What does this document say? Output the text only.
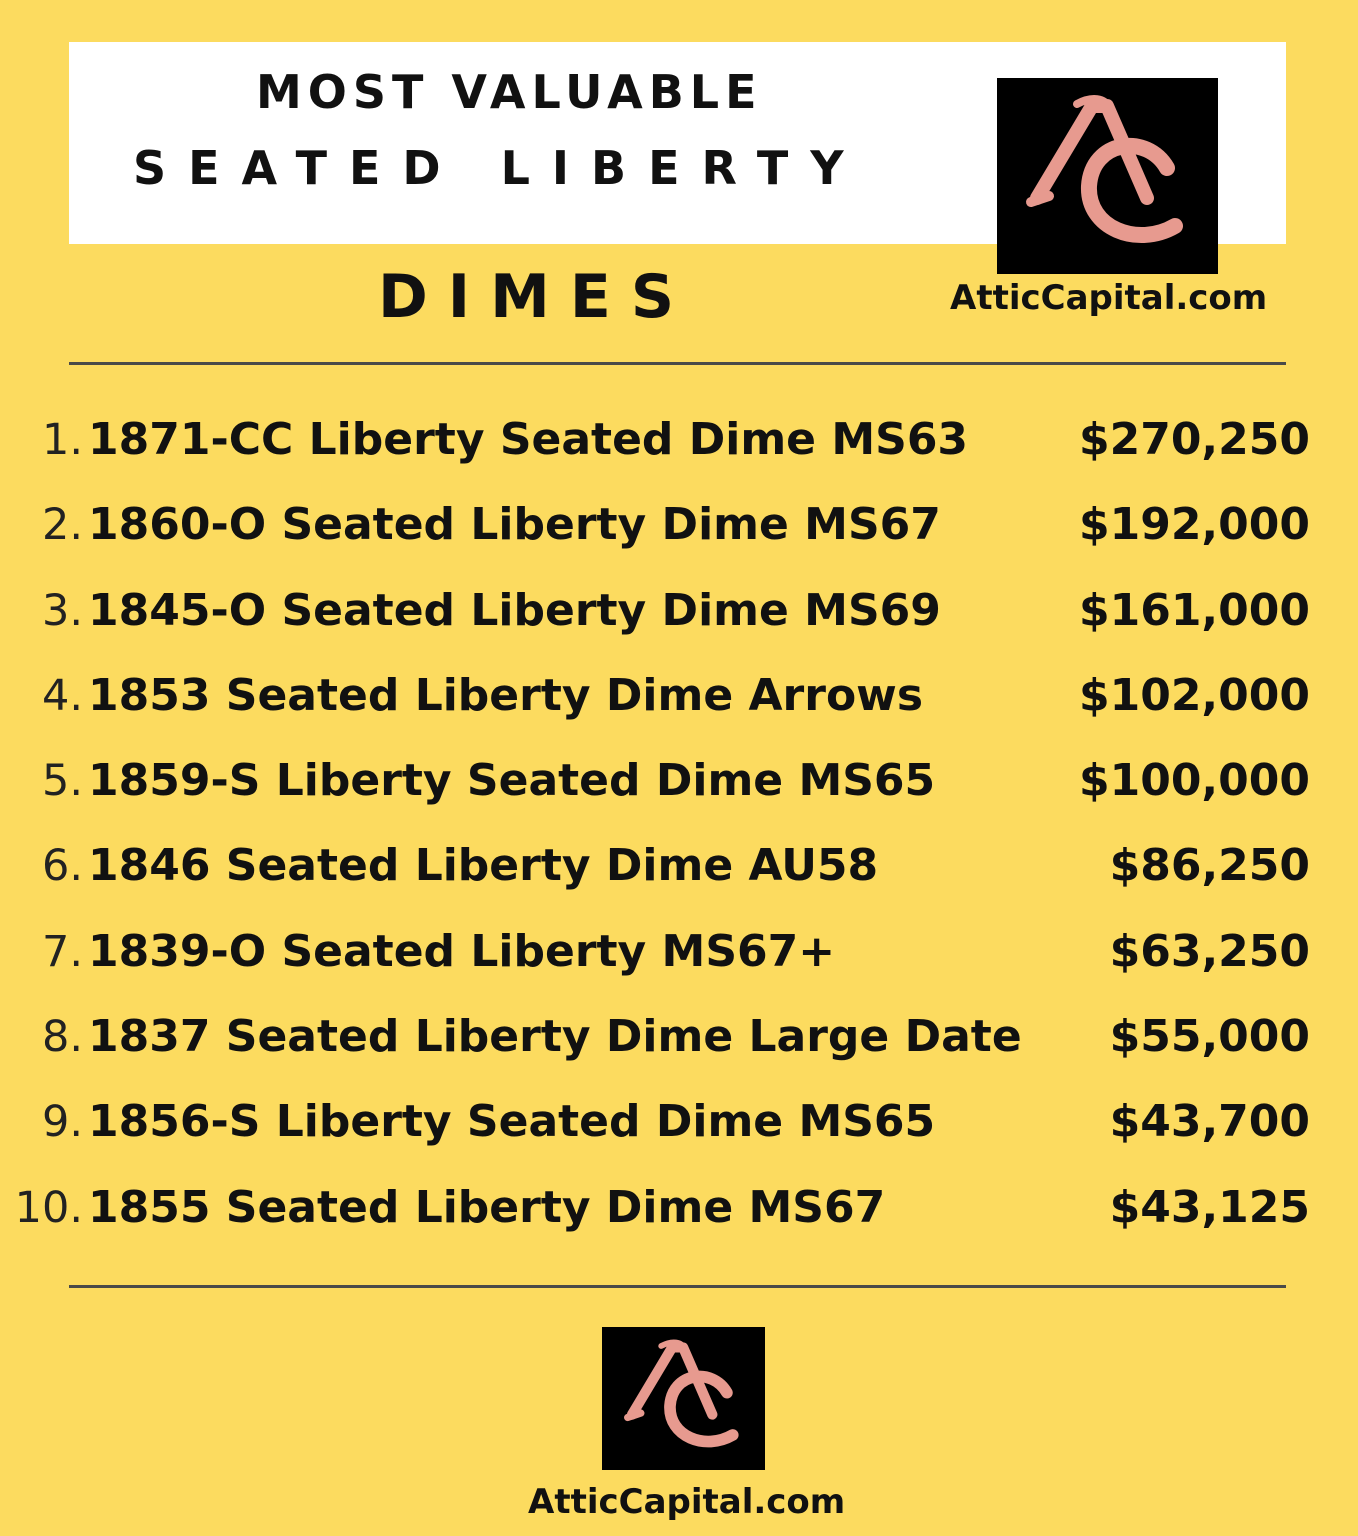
MOST VALUABLE
SEATED LIBERTY
DIMES	AtticCapital.com
1. 1871-CC Liberty Seated Dime MS63	$270,250
2. 1860-O Seated Liberty Dime MS67	$192,000
3. 1845-O Seated Liberty Dime MS69	$161,000
4. 1853 Seated Liberty Dime Arrows	$102,000
5. 1859-S Liberty Seated Dime MS65	$100,000
6. 1846 Seated Liberty Dime AU58	$86,250
7. 1839-O Seated Liberty MS67+	$63,250
8. 1837 Seated Liberty Dime Large Date $55,000
9. 1856-S Liberty Seated Dime MS65	$43,700
10. 1855 Seated Liberty Dime MS67	$43,125
AtticCapital.com
